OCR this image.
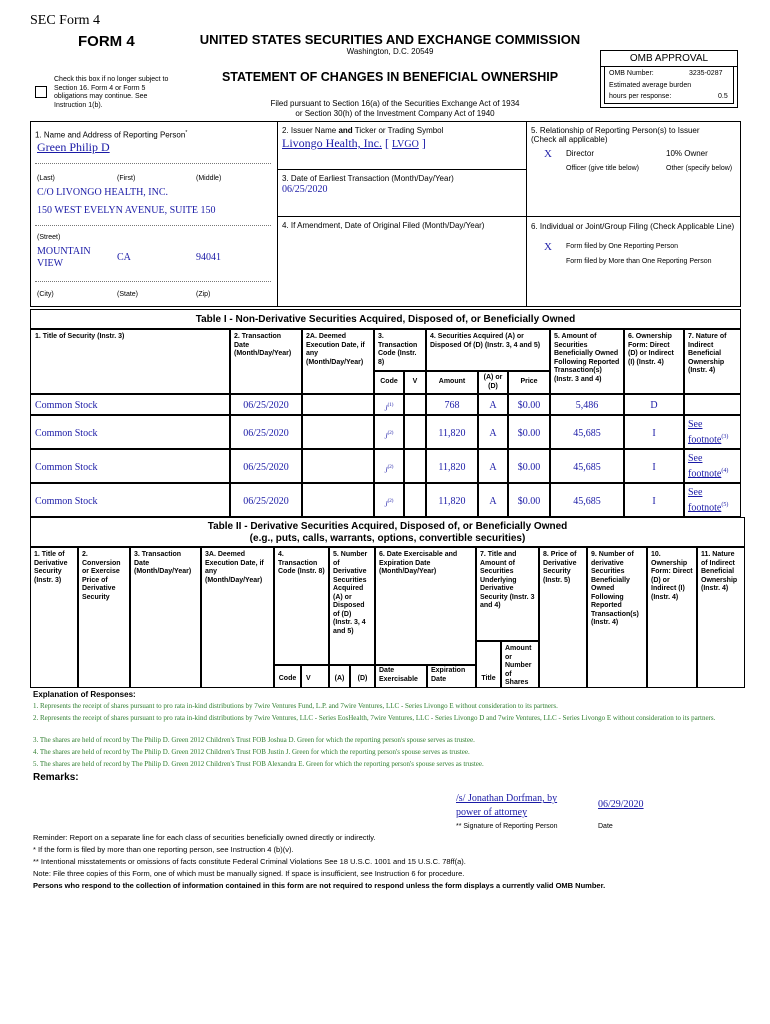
SEC Form 4
FORM 4	UNITED STATES SECURITIES AND EXCHANGE COMMISSION
Washington, D.C. 20549
Check this box if no longer subject to Section 16. Form 4 or Form 5 obligations may continue. See Instruction 1(b).
STATEMENT OF CHANGES IN BENEFICIAL OWNERSHIP
Filed pursuant to Section 16(a) of the Securities Exchange Act of 1934
or Section 30(h) of the Investment Company Act of 1940
OMB APPROVAL
OMB Number:	3235-0287
Estimated average burden
hours per response:	0.5
1. Name and Address of Reporting Person*
Green Philip D
(Last)	(First)	(Middle)
C/O LIVONGO HEALTH, INC.
150 WEST EVELYN AVENUE, SUITE 150
(Street)
MOUNTAIN
VIEW
CA	94041
(City)	(State)	(Zip)
2. Issuer Name and Ticker or Trading Symbol
Livongo Health, Inc. [ LVGO ]
3. Date of Earliest Transaction (Month/Day/Year)
06/25/2020
4. If Amendment, Date of Original Filed (Month/Day/Year)
5. Relationship of Reporting Person(s) to Issuer
(Check all applicable)
X Director	10% Owner
Officer (give title below)	Other (specify below)
6. Individual or Joint/Group Filing (Check Applicable Line)
X Form filed by One Reporting Person
Form filed by More than One Reporting Person
Table I - Non-Derivative Securities Acquired, Disposed of, or Beneficially Owned
1. Title of Security (Instr. 3)	2. Transaction Date (Month/Day/Year)
2A. Deemed Execution Date, if any (Month/Day/Year)
3. Transaction Code (Instr. 8)
4. Securities Acquired (A) or Disposed Of (D) (Instr. 3, 4 and 5)
Code	V	Amount
(A) or (D)
Price
5. Amount of Securities Beneficially Owned Following Reported Transaction(s) (Instr. 3 and 4)
6. Ownership Form: Direct (D) or Indirect (I) (Instr. 4)
7. Nature of Indirect Beneficial Ownership (Instr. 4)
Common Stock	06/25/2020	$J^{(1)}$	768	A	$0.00	5,486	D
Common Stock	06/25/2020	$J^{(2)}$	11,820	A	$0.00	45,685	I
See footnote$^{(3)}$
Common Stock	06/25/2020	$J^{(2)}$	11,820	A	$0.00	45,685	I
See footnote$^{(4)}$
Common Stock	06/25/2020	$J^{(2)}$	11,820	A	$0.00	45,685	I
See footnote$^{(5)}$
Table II - Derivative Securities Acquired, Disposed of, or Beneficially Owned
(e.g., puts, calls, warrants, options, convertible securities)
1. Title of Derivative Security (Instr. 3)
2. Conversion or Exercise Price of Derivative Security
3. Transaction Date (Month/Day/Year)
3A. Deemed Execution Date, if any (Month/Day/Year)
4. Transaction Code (Instr. 8)
5. Number of Derivative Securities Acquired (A) or Disposed of (D) (Instr. 3, 4 and 5)
6. Date Exercisable and Expiration Date (Month/Day/Year)
7. Title and Amount of Securities Underlying Derivative Security (Instr. 3 and 4)
8. Price of Derivative Security (Instr. 5)
9. Number of derivative Securities Beneficially Owned Following Reported Transaction(s) (Instr. 4)
10. Ownership Form: Direct (D) or Indirect (I) (Instr. 4)
11. Nature of Indirect Beneficial Ownership (Instr. 4)
Code	V	(A)	(D)
Date Exercisable
Expiration Date	Title
Amount or Number of Shares
Explanation of Responses:
1. Represents the receipt of shares pursuant to pro rata in-kind distributions by 7wire Ventures Fund, L.P. and 7wire Ventures, LLC - Series Livongo E without consideration to its partners.
2. Represents the receipt of shares pursuant to pro rata in-kind distributions by 7wire Ventures, LLC - Series EosHealth, 7wire Ventures, LLC - Series Livongo D and 7wire Ventures, LLC - Series Livongo E without consideration to its partners.
3. The shares are held of record by The Philip D. Green 2012 Children's Trust FOB Joshua D. Green for which the reporting person's spouse serves as trustee.
4. The shares are held of record by The Philip D. Green 2012 Children's Trust FOB Justin J. Green for which the reporting person's spouse serves as trustee.
5. The shares are held of record by The Philip D. Green 2012 Children's Trust FOB Alexandra E. Green for which the reporting person's spouse serves as trustee.
Remarks:
/s/ Jonathan Dorfman, by
power of attorney
06/29/2020
** Signature of Reporting Person	Date
Reminder: Report on a separate line for each class of securities beneficially owned directly or indirectly.
* If the form is filed by more than one reporting person, see Instruction 4 (b)(v).
** Intentional misstatements or omissions of facts constitute Federal Criminal Violations See 18 U.S.C. 1001 and 15 U.S.C. 78ff(a).
Note: File three copies of this Form, one of which must be manually signed. If space is insufficient, see Instruction 6 for procedure.
Persons who respond to the collection of information contained in this form are not required to respond unless the form displays a currently valid OMB Number.
